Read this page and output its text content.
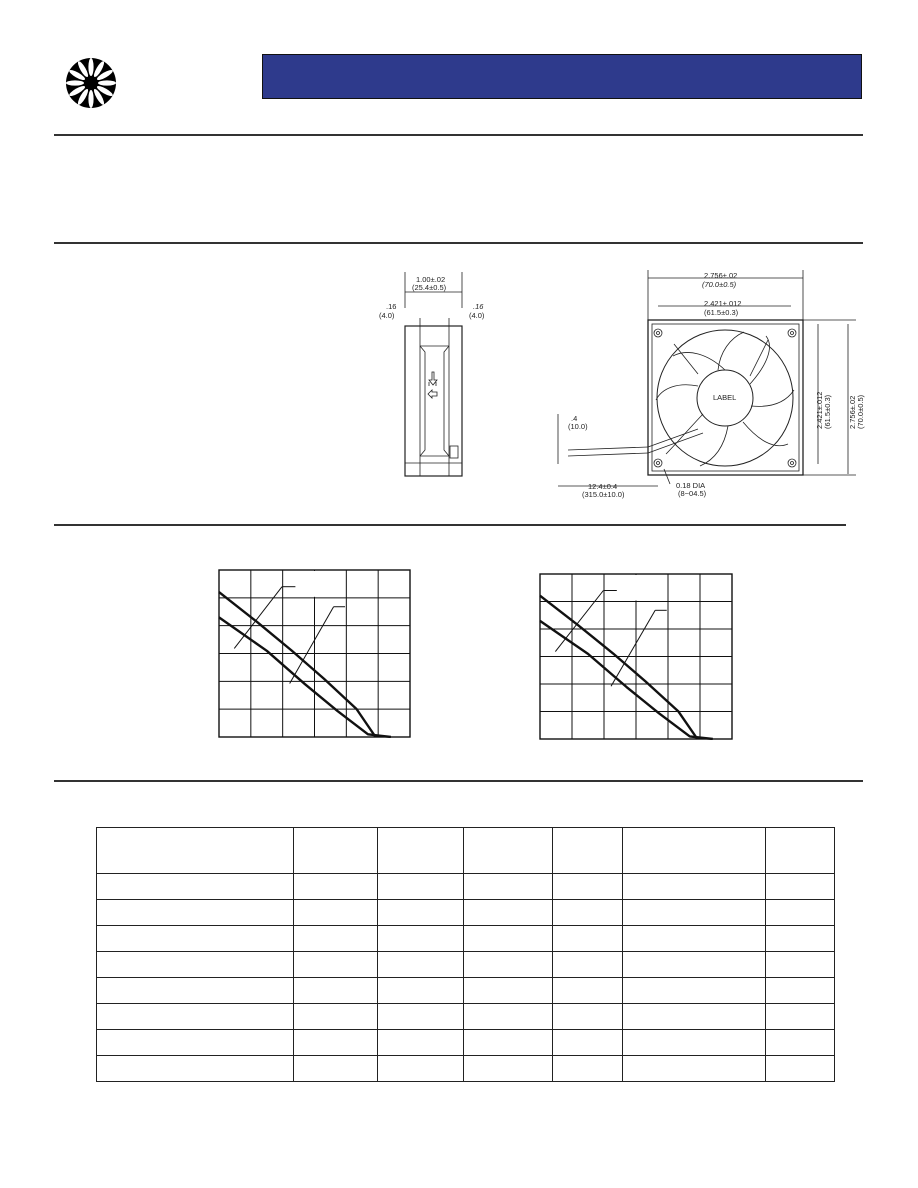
1.00±.02
(25.4±0.5)
.16
(4.0)
.16
(4.0)
2.756±.02
(70.0±0.5)
2.421±.012
(61.5±0.3)
LABEL
.4
(10.0)
0.18 DIA
(8~04.5)
12.4±0.4
(315.0±10.0)
2.421±.012 (61.5±0.3) 2.756±.02 (70.0±0.5)
